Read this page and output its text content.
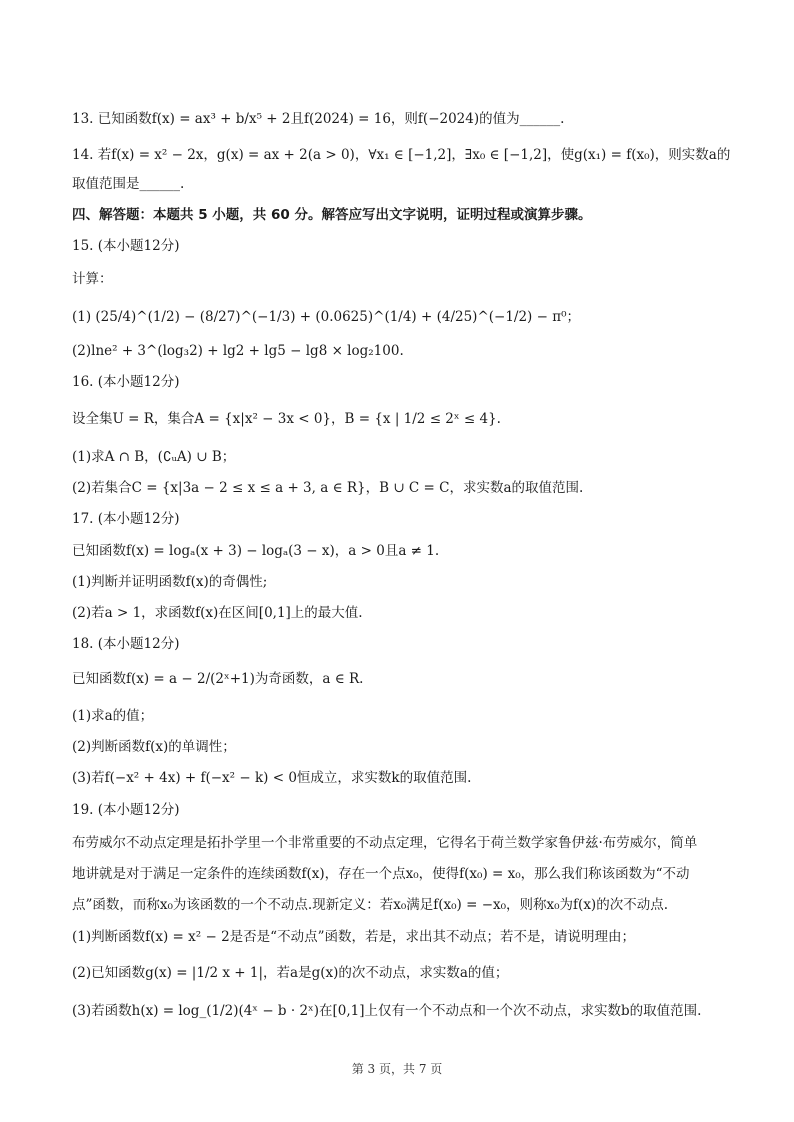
13. 已知函数f(x) = ax³ + b/x⁵ + 2且f(2024) = 16，则f(−2024)的值为______.
14. 若f(x) = x² − 2x，g(x) = ax + 2(a > 0)，∀x₁ ∈ [−1,2]，∃x₀ ∈ [−1,2]，使g(x₁) = f(x₀)，则实数a的
取值范围是______.
四、解答题：本题共 5 小题，共 60 分。解答应写出文字说明，证明过程或演算步骤。
15. (本小题12分)
计算：
(1) (25/4)^(1/2) − (8/27)^(−1/3) + (0.0625)^(1/4) + (4/25)^(−1/2) − π⁰；
(2)lne² + 3^(log₃2) + lg2 + lg5 − lg8 × log₂100.
16. (本小题12分)
设全集U = R，集合A = {x|x² − 3x < 0}，B = {x | 1/2 ≤ 2ˣ ≤ 4}.
(1)求A ∩ B，(∁ᵤA) ∪ B；
(2)若集合C = {x|3a − 2 ≤ x ≤ a + 3, a ∈ R}，B ∪ C = C，求实数a的取值范围.
17. (本小题12分)
已知函数f(x) = logₐ(x + 3) − logₐ(3 − x)，a > 0且a ≠ 1.
(1)判断并证明函数f(x)的奇偶性;
(2)若a > 1，求函数f(x)在区间[0,1]上的最大值.
18. (本小题12分)
已知函数f(x) = a − 2/(2ˣ+1)为奇函数，a ∈ R.
(1)求a的值；
(2)判断函数f(x)的单调性；
(3)若f(−x² + 4x) + f(−x² − k) < 0恒成立，求实数k的取值范围.
19. (本小题12分)
布劳威尔不动点定理是拓扑学里一个非常重要的不动点定理，它得名于荷兰数学家鲁伊兹·布劳威尔，简单
地讲就是对于满足一定条件的连续函数f(x)，存在一个点x₀，使得f(x₀) = x₀，那么我们称该函数为“不动
点”函数，而称x₀为该函数的一个不动点.现新定义：若x₀满足f(x₀) = −x₀，则称x₀为f(x)的次不动点.
(1)判断函数f(x) = x² − 2是否是“不动点”函数，若是，求出其不动点；若不是，请说明理由；
(2)已知函数g(x) = |1/2 x + 1|，若a是g(x)的次不动点，求实数a的值；
(3)若函数h(x) = log_(1/2)(4ˣ − b · 2ˣ)在[0,1]上仅有一个不动点和一个次不动点，求实数b的取值范围.
第 3 页，共 7 页
